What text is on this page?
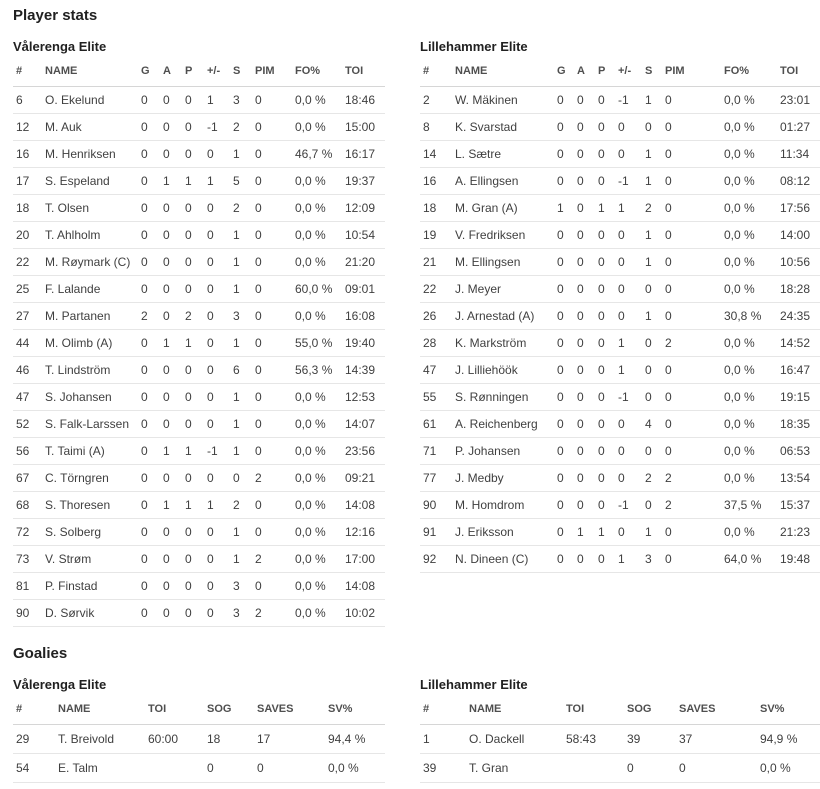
Player stats
Vålerenga Elite
#	NAME	G	A	P	+/-	S	PIM	FO%	TOI
6	O. Ekelund	0	0	0	1	3	0	0,0 %	18:46
12	M. Auk	0	0	0	-1	2	0	0,0 %	15:00
16	M. Henriksen	0	0	0	0	1	0	46,7 %	16:17
17	S. Espeland	0	1	1	1	5	0	0,0 %	19:37
18	T. Olsen	0	0	0	0	2	0	0,0 %	12:09
20	T. Ahlholm	0	0	0	0	1	0	0,0 %	10:54
22	M. Røymark (C)	0	0	0	0	1	0	0,0 %	21:20
25	F. Lalande	0	0	0	0	1	0	60,0 %	09:01
27	M. Partanen	2	0	2	0	3	0	0,0 %	16:08
44	M. Olimb (A)	0	1	1	0	1	0	55,0 %	19:40
46	T. Lindström	0	0	0	0	6	0	56,3 %	14:39
47	S. Johansen	0	0	0	0	1	0	0,0 %	12:53
52	S. Falk-Larssen	0	0	0	0	1	0	0,0 %	14:07
56	T. Taimi (A)	0	1	1	-1	1	0	0,0 %	23:56
67	C. Törngren	0	0	0	0	0	2	0,0 %	09:21
68	S. Thoresen	0	1	1	1	2	0	0,0 %	14:08
72	S. Solberg	0	0	0	0	1	0	0,0 %	12:16
73	V. Strøm	0	0	0	0	1	2	0,0 %	17:00
81	P. Finstad	0	0	0	0	3	0	0,0 %	14:08
90	D. Sørvik	0	0	0	0	3	2	0,0 %	10:02
Lillehammer Elite
#	NAME	G	A	P	+/-	S	PIM	FO%	TOI
2	W. Mäkinen	0	0	0	-1	1	0	0,0 %	23:01
8	K. Svarstad	0	0	0	0	0	0	0,0 %	01:27
14	L. Sætre	0	0	0	0	1	0	0,0 %	11:34
16	A. Ellingsen	0	0	0	-1	1	0	0,0 %	08:12
18	M. Gran (A)	1	0	1	1	2	0	0,0 %	17:56
19	V. Fredriksen	0	0	0	0	1	0	0,0 %	14:00
21	M. Ellingsen	0	0	0	0	1	0	0,0 %	10:56
22	J. Meyer	0	0	0	0	0	0	0,0 %	18:28
26	J. Arnestad (A)	0	0	0	0	1	0	30,8 %	24:35
28	K. Markström	0	0	0	1	0	2	0,0 %	14:52
47	J. Lilliehöök	0	0	0	1	0	0	0,0 %	16:47
55	S. Rønningen	0	0	0	-1	0	0	0,0 %	19:15
61	A. Reichenberg	0	0	0	0	4	0	0,0 %	18:35
71	P. Johansen	0	0	0	0	0	0	0,0 %	06:53
77	J. Medby	0	0	0	0	2	2	0,0 %	13:54
90	M. Homdrom	0	0	0	-1	0	2	37,5 %	15:37
91	J. Eriksson	0	1	1	0	1	0	0,0 %	21:23
92	N. Dineen (C)	0	0	0	1	3	0	64,0 %	19:48
Goalies
Vålerenga Elite
#	NAME	TOI	SOG	SAVES	SV%
29	T. Breivold	60:00	18	17	94,4 %
54	E. Talm		0	0	0,0 %
Lillehammer Elite
#	NAME	TOI	SOG	SAVES	SV%
1	O. Dackell	58:43	39	37	94,9 %
39	T. Gran		0	0	0,0 %
